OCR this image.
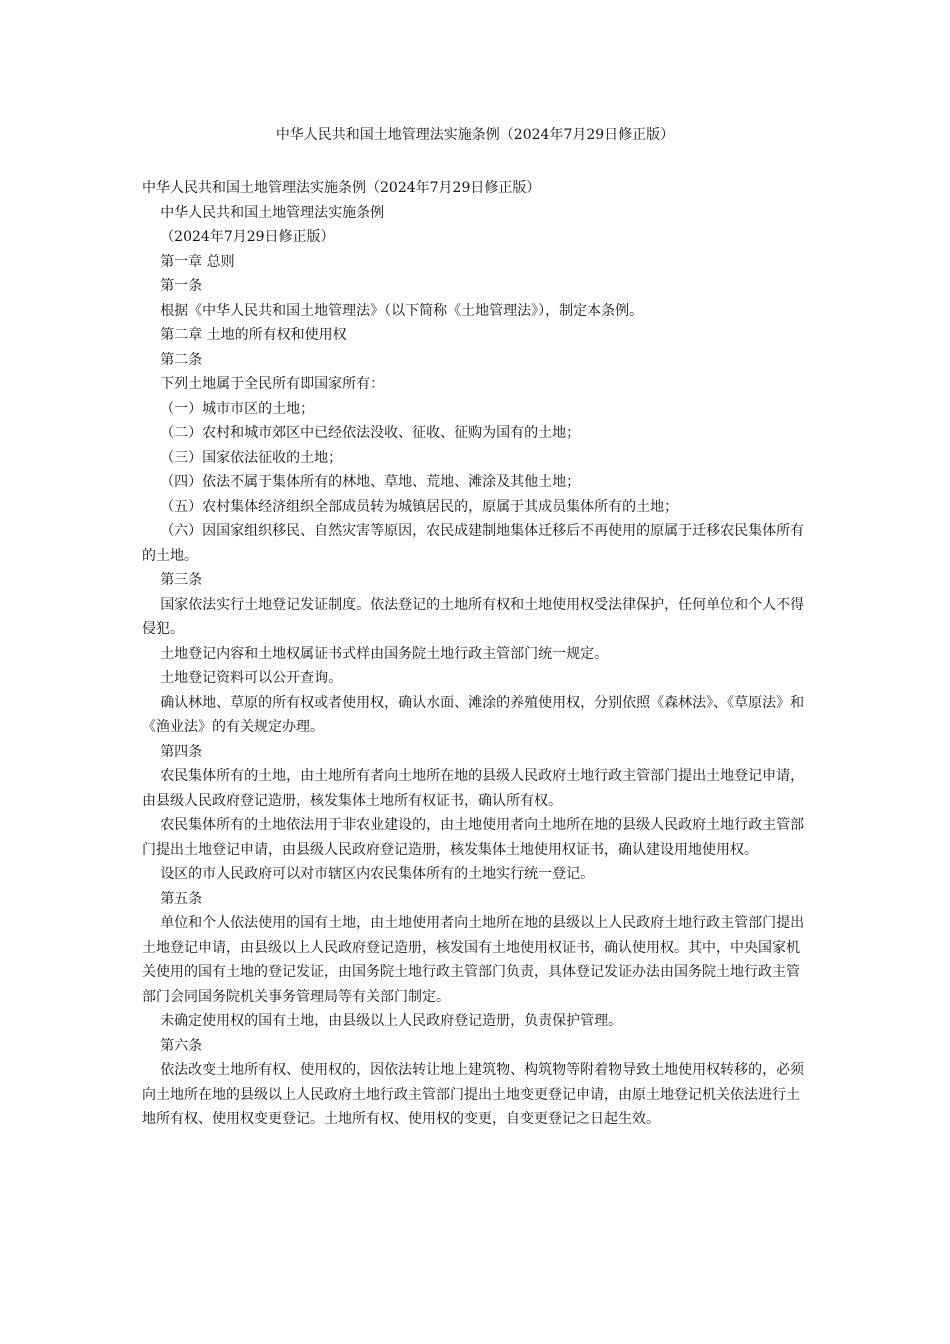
中华人民共和国土地管理法实施条例（2024年7月29日修正版）

中华人民共和国土地管理法实施条例（2024年7月29日修正版）

中华人民共和国土地管理法实施条例

（2024年7月29日修正版）

第一章 总则

第一条

根据《中华人民共和国土地管理法》（以下简称《土地管理法》），制定本条例。

第二章 土地的所有权和使用权

第二条

下列土地属于全民所有即国家所有：

（一）城市市区的土地；

（二）农村和城市郊区中已经依法没收、征收、征购为国有的土地；

（三）国家依法征收的土地；

（四）依法不属于集体所有的林地、草地、荒地、滩涂及其他土地；

（五）农村集体经济组织全部成员转为城镇居民的，原属于其成员集体所有的土地；

（六）因国家组织移民、自然灾害等原因，农民成建制地集体迁移后不再使用的原属于迁移农民集体所有的土地。

第三条

国家依法实行土地登记发证制度。依法登记的土地所有权和土地使用权受法律保护，任何单位和个人不得侵犯。

土地登记内容和土地权属证书式样由国务院土地行政主管部门统一规定。

土地登记资料可以公开查询。

确认林地、草原的所有权或者使用权，确认水面、滩涂的养殖使用权，分别依照《森林法》、《草原法》和《渔业法》的有关规定办理。

第四条

农民集体所有的土地，由土地所有者向土地所在地的县级人民政府土地行政主管部门提出土地登记申请，由县级人民政府登记造册，核发集体土地所有权证书，确认所有权。

农民集体所有的土地依法用于非农业建设的，由土地使用者向土地所在地的县级人民政府土地行政主管部门提出土地登记申请，由县级人民政府登记造册，核发集体土地使用权证书，确认建设用地使用权。

设区的市人民政府可以对市辖区内农民集体所有的土地实行统一登记。

第五条

单位和个人依法使用的国有土地，由土地使用者向土地所在地的县级以上人民政府土地行政主管部门提出土地登记申请，由县级以上人民政府登记造册，核发国有土地使用权证书，确认使用权。其中，中央国家机关使用的国有土地的登记发证，由国务院土地行政主管部门负责，具体登记发证办法由国务院土地行政主管部门会同国务院机关事务管理局等有关部门制定。

未确定使用权的国有土地，由县级以上人民政府登记造册，负责保护管理。

第六条

依法改变土地所有权、使用权的，因依法转让地上建筑物、构筑物等附着物导致土地使用权转移的，必须向土地所在地的县级以上人民政府土地行政主管部门提出土地变更登记申请，由原土地登记机关依法进行土地所有权、使用权变更登记。土地所有权、使用权的变更，自变更登记之日起生效。
